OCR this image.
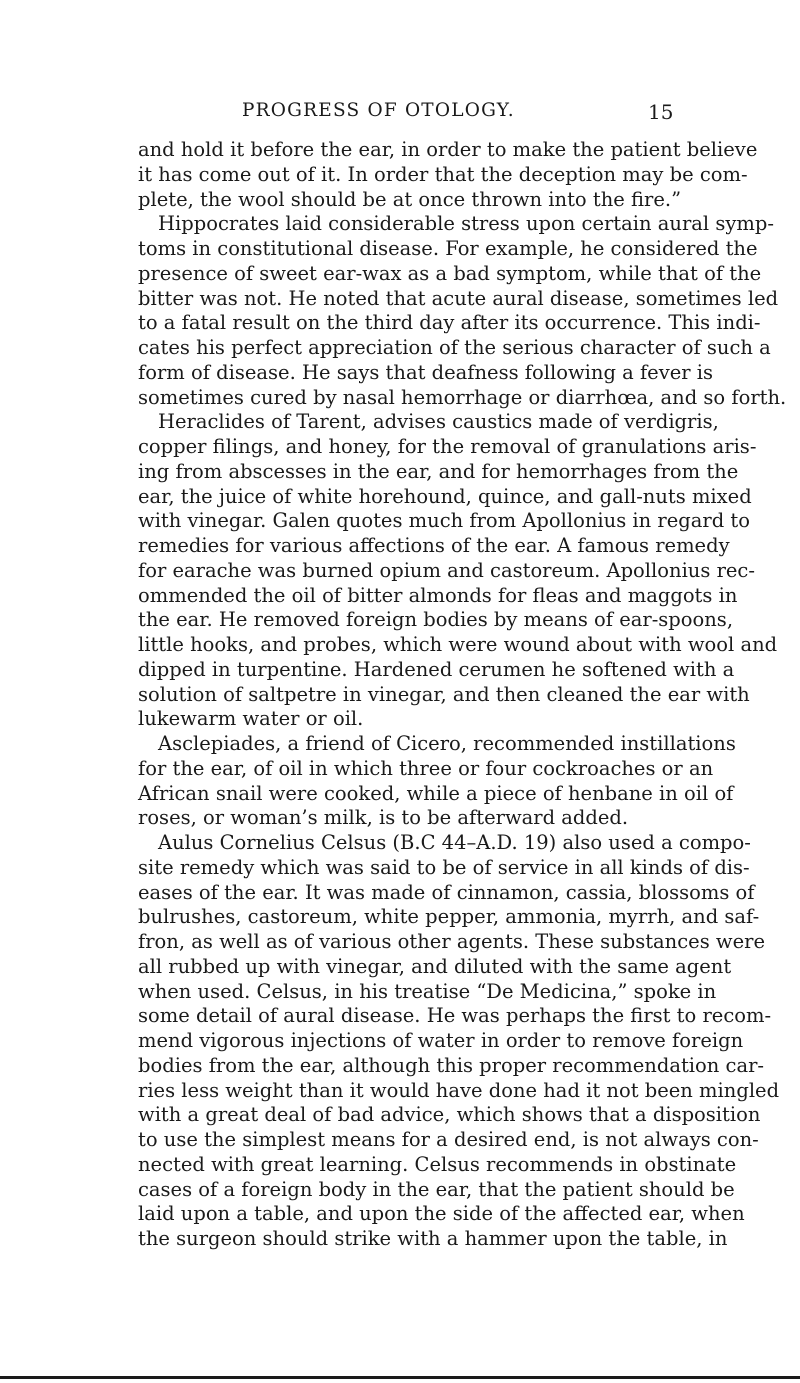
PROGRESS OF OTOLOGY.	15
and hold it before the ear, in order to make the patient believe
it has come out of it. In order that the deception may be com-
plete, the wool should be at once thrown into the fire.”
Hippocrates laid considerable stress upon certain aural symp-
toms in constitutional disease. For example, he considered the
presence of sweet ear-wax as a bad symptom, while that of the
bitter was not. He noted that acute aural disease, sometimes led
to a fatal result on the third day after its occurrence. This indi-
cates his perfect appreciation of the serious character of such a
form of disease. He says that deafness following a fever is
sometimes cured by nasal hemorrhage or diarrhœa, and so forth.
Heraclides of Tarent, advises caustics made of verdigris,
copper filings, and honey, for the removal of granulations aris-
ing from abscesses in the ear, and for hemorrhages from the
ear, the juice of white horehound, quince, and gall-nuts mixed
with vinegar. Galen quotes much from Apollonius in regard to
remedies for various affections of the ear. A famous remedy
for earache was burned opium and castoreum. Apollonius rec-
ommended the oil of bitter almonds for fleas and maggots in
the ear. He removed foreign bodies by means of ear-spoons,
little hooks, and probes, which were wound about with wool and
dipped in turpentine. Hardened cerumen he softened with a
solution of saltpetre in vinegar, and then cleaned the ear with
lukewarm water or oil.
Asclepiades, a friend of Cicero, recommended instillations
for the ear, of oil in which three or four cockroaches or an
African snail were cooked, while a piece of henbane in oil of
roses, or woman’s milk, is to be afterward added.
Aulus Cornelius Celsus (B.C 44–A.D. 19) also used a compo-
site remedy which was said to be of service in all kinds of dis-
eases of the ear. It was made of cinnamon, cassia, blossoms of
bulrushes, castoreum, white pepper, ammonia, myrrh, and saf-
fron, as well as of various other agents. These substances were
all rubbed up with vinegar, and diluted with the same agent
when used. Celsus, in his treatise “De Medicina,” spoke in
some detail of aural disease. He was perhaps the first to recom-
mend vigorous injections of water in order to remove foreign
bodies from the ear, although this proper recommendation car-
ries less weight than it would have done had it not been mingled
with a great deal of bad advice, which shows that a disposition
to use the simplest means for a desired end, is not always con-
nected with great learning. Celsus recommends in obstinate
cases of a foreign body in the ear, that the patient should be
laid upon a table, and upon the side of the affected ear, when
the surgeon should strike with a hammer upon the table, in
